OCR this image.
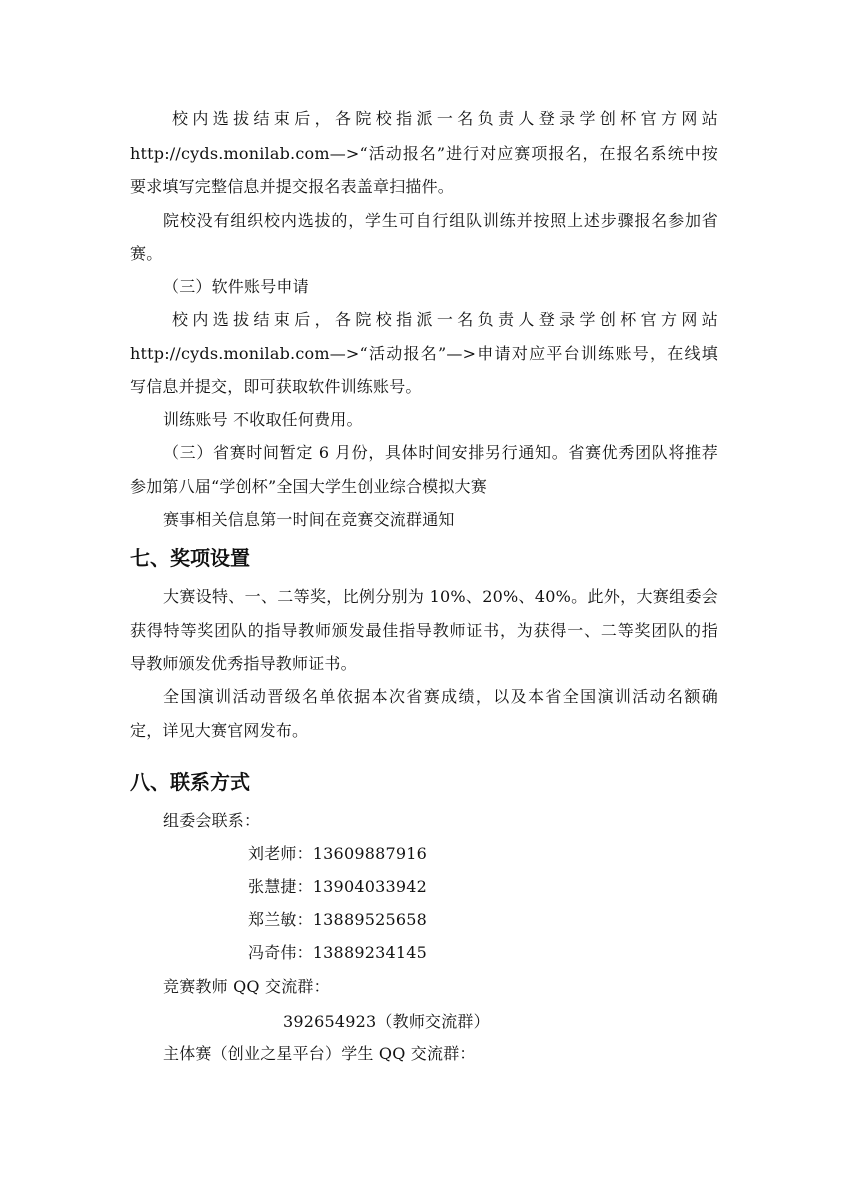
校内选拔结束后，各院校指派一名负责人登录学创杯官方网站
http://cyds.monilab.com—>“活动报名”进行对应赛项报名，在报名系统中按
要求填写完整信息并提交报名表盖章扫描件。
院校没有组织校内选拔的，学生可自行组队训练并按照上述步骤报名参加省
赛。
（三）软件账号申请
校内选拔结束后，各院校指派一名负责人登录学创杯官方网站
http://cyds.monilab.com—>“活动报名”—>申请对应平台训练账号，在线填
写信息并提交，即可获取软件训练账号。
训练账号 不收取任何费用。
（三）省赛时间暂定 6 月份，具体时间安排另行通知。省赛优秀团队将推荐
参加第八届“学创杯”全国大学生创业综合模拟大赛
赛事相关信息第一时间在竞赛交流群通知
七、奖项设置
大赛设特、一、二等奖，比例分别为 10%、20%、40%。此外，大赛组委会
获得特等奖团队的指导教师颁发最佳指导教师证书，为获得一、二等奖团队的指
导教师颁发优秀指导教师证书。
全国演训活动晋级名单依据本次省赛成绩，以及本省全国演训活动名额确
定，详见大赛官网发布。
八、联系方式
组委会联系：
刘老师：13609887916
张慧捷：13904033942
郑兰敏：13889525658
冯奇伟：13889234145
竞赛教师 QQ 交流群：
392654923（教师交流群）
主体赛（创业之星平台）学生 QQ 交流群：
